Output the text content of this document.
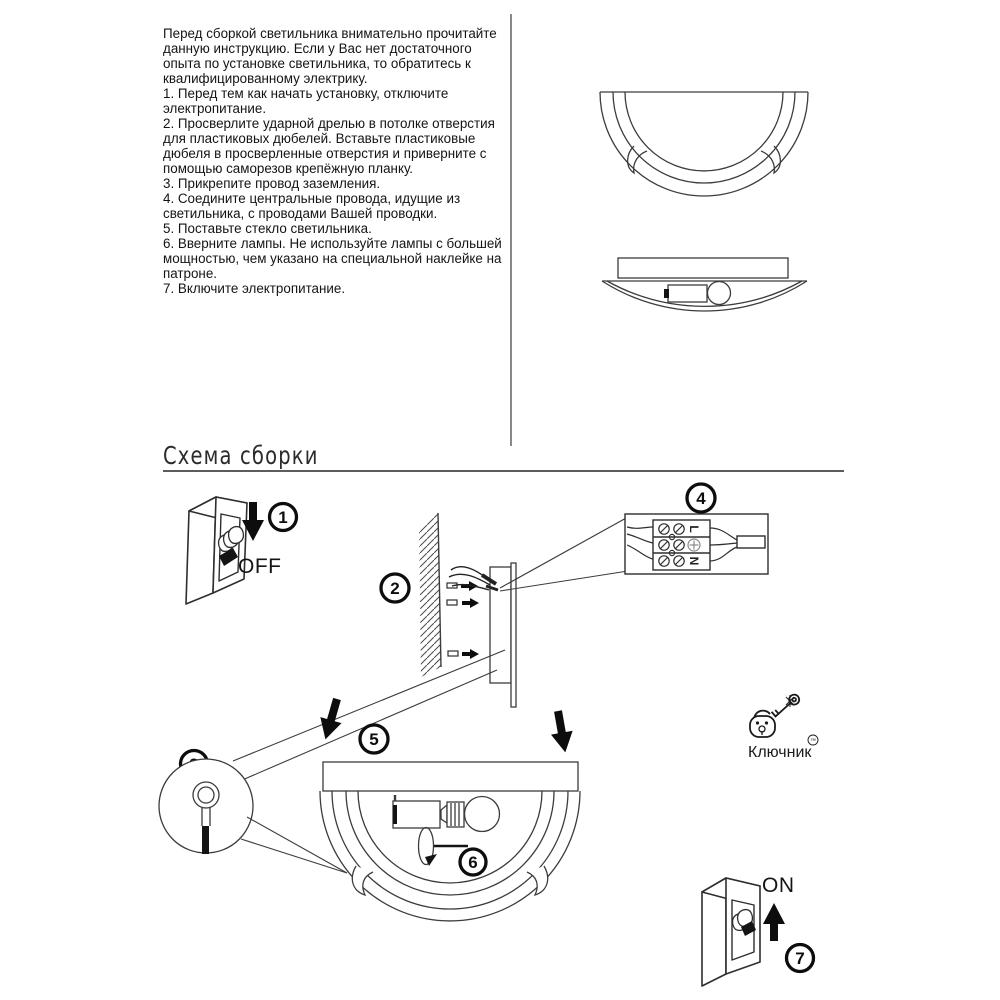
Перед сборкой светильника внимательно прочитайте данную инструкцию. Если у Вас нет достаточного опыта по установке светильника, то обратитесь к квалифицированному электрику.

1. Перед тем как начать установку, отключите электропитание.

2. Просверлите ударной дрелью в потолке отверстия для пластиковых дюбелей. Вставьте пластиковые дюбеля в просверленные отверстия и приверните с помощью саморезов крепёжную планку.

3. Прикрепите провод заземления.

4. Соедините центральные провода, идущие из светильника, с проводами Вашей проводки.

5. Поставьте стекло светильника.

6. Вверните лампы. Не используйте лампы с большей мощностью, чем указано на специальной наклейке на патроне.

7. Включите электропитание.

Схема сборки
1
OFF
2
4
L
N
5
6
Ключник
™
ON
7
